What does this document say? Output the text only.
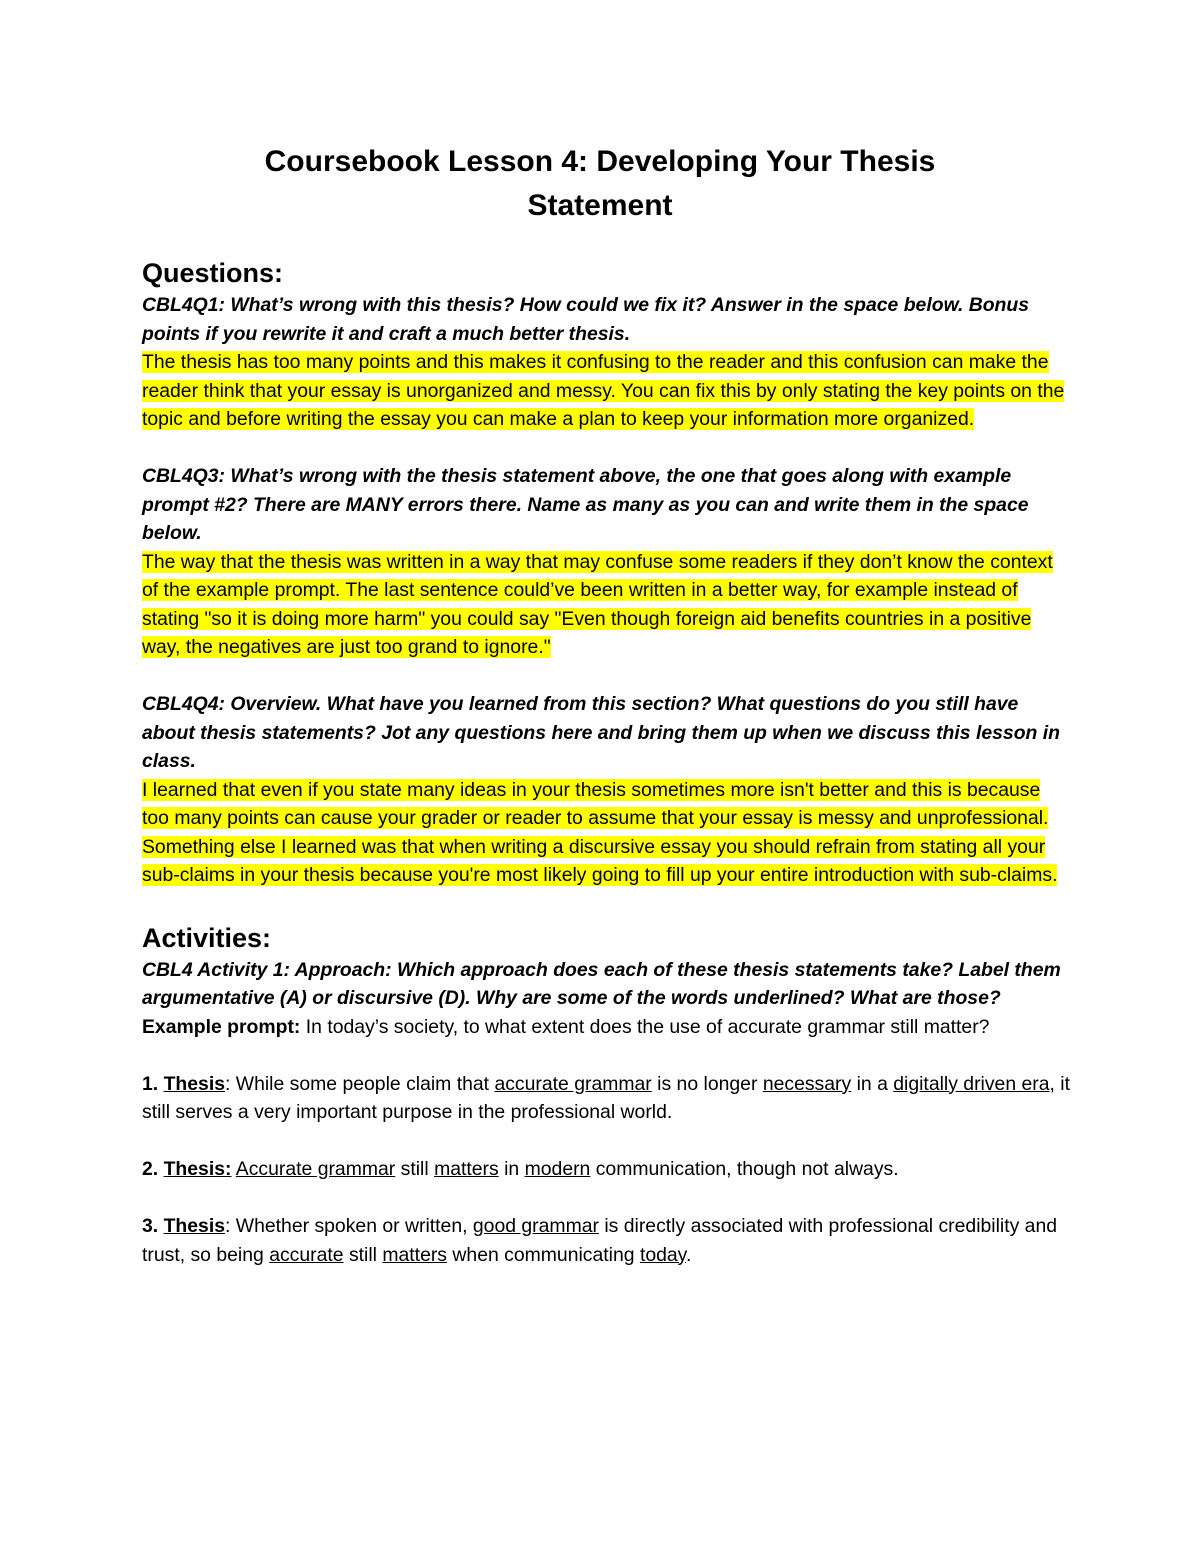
Coursebook Lesson 4: Developing Your Thesis
Statement

Questions:

CBL4Q1: What’s wrong with this thesis? How could we fix it? Answer in the space below. Bonus points if you rewrite it and craft a much better thesis.

The thesis has too many points and this makes it confusing to the reader and this confusion can make the reader think that your essay is unorganized and messy. You can fix this by only stating the key points on the topic and before writing the essay you can make a plan to keep your information more organized.

CBL4Q3: What’s wrong with the thesis statement above, the one that goes along with example prompt #2? There are MANY errors there. Name as many as you can and write them in the space below.

The way that the thesis was written in a way that may confuse some readers if they don’t know the context of the example prompt. The last sentence could’ve been written in a better way, for example instead of stating "so it is doing more harm" you could say "Even though foreign aid benefits countries in a positive way, the negatives are just too grand to ignore."

CBL4Q4: Overview. What have you learned from this section? What questions do you still have about thesis statements? Jot any questions here and bring them up when we discuss this lesson in class.

I learned that even if you state many ideas in your thesis sometimes more isn't better and this is because too many points can cause your grader or reader to assume that your essay is messy and unprofessional. Something else I learned was that when writing a discursive essay you should refrain from stating all your sub-claims in your thesis because you're most likely going to fill up your entire introduction with sub-claims.

Activities:

CBL4 Activity 1: Approach: Which approach does each of these thesis statements take? Label them argumentative (A) or discursive (D). Why are some of the words underlined? What are those?

Example prompt: In today’s society, to what extent does the use of accurate grammar still matter?

1. Thesis: While some people claim that accurate grammar is no longer necessary in a digitally driven era, it still serves a very important purpose in the professional world.

2. Thesis: Accurate grammar still matters in modern communication, though not always.

3. Thesis: Whether spoken or written, good grammar is directly associated with professional credibility and trust, so being accurate still matters when communicating today.
